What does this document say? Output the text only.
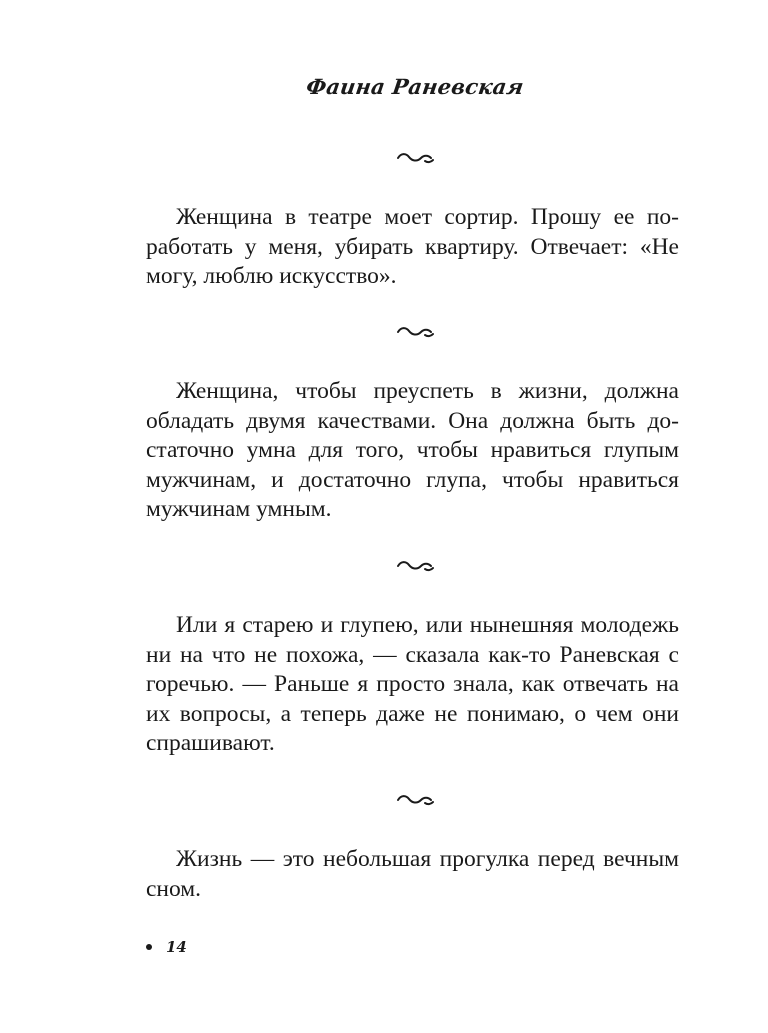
Фаина Раневская

Женщина в театре моет сортир. Прошу ее поработать у меня, убирать квартиру. Отвечает: «Не могу, люблю искусство».

Женщина, чтобы преуспеть в жизни, должна обладать двумя качествами. Она должна быть достаточно умна для того, чтобы нравиться глупым мужчинам, и достаточно глупа, чтобы нравиться мужчинам умным.

Или я старею и глупею, или нынешняя молодежь ни на что не похожа, — сказала как-то Раневская с горечью. — Раньше я просто знала, как отвечать на их вопросы, а теперь даже не понимаю, о чем они спрашивают.

Жизнь — это небольшая прогулка перед вечным сном.

14
